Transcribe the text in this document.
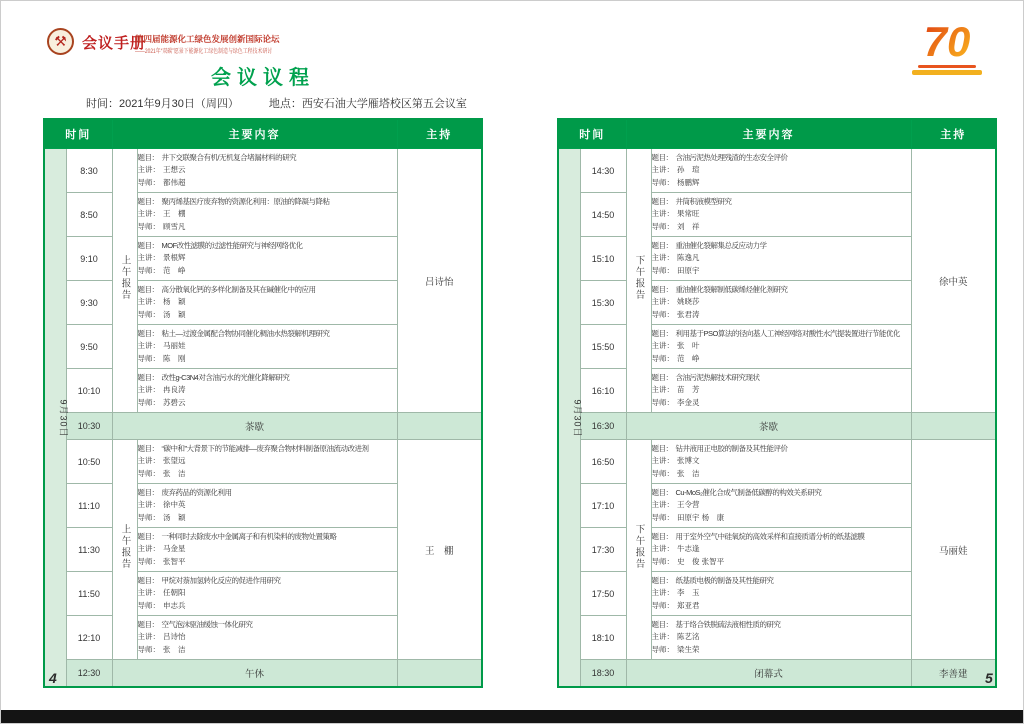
⚒	会议手册
第四届能源化工绿色发展创新国际论坛
——2021年“双碳”愿景下能源化工绿色制造与绿色工程技术研讨	70
会议议程
时间：2021年9月30日（周四）	地点：西安石油大学雁塔校区第五会议室
时间		主要内容		主持
9月30日	8:30	上午报告	题目： 井下交联聚合有机/无机复合堵漏材料的研究
主讲： 王想云
导师： 都伟超	吕诗怡
	8:50		题目： 聚丙烯基医疗废弃物的资源化利用：原油的降凝与降粘
主讲： 王　棚
导师： 顾雪凡	

	9:10		题目： MOF改性滤膜的过滤性能研究与神经网络优化
主讲： 景根辉
导师： 范　峥	

	9:30		题目： 高分散氧化钙的多样化制备及其在碱催化中的应用
主讲： 杨　颖
导师： 汤　颖	

	9:50		题目： 粘土—过渡金属配合物协同催化稠油水热裂解机理研究
主讲： 马丽娃
导师： 陈　刚	

	10:10		题目： 改性g-C3N4对含油污水的光催化降解研究
主讲： 冉良涛
导师： 苏碧云	

	10:30	茶歇		
	10:50	上午报告	题目： “碳中和”大背景下的节能减排—废弃聚合物材料制备原油流动改进剂
主讲： 张望远
导师： 张　洁	王　棚
	11:10		题目： 废弃药品的资源化利用
主讲： 徐中英
导师： 汤　颖	

	11:30		题目： 一种同时去除废水中金属离子和有机染料的废物处置策略
主讲： 马金星
导师： 张智平	

	11:50		题目： 甲烷对萘加氢转化反应的促进作用研究
主讲： 任朝阳
导师： 申志兵	

	12:10		题目： 空气泡沫驱油缓蚀一体化研究
主讲： 吕诗怡
导师： 张　洁	

	12:30	午休		
时间		主要内容		主持
9月30日	14:30	下午报告	题目： 含油污泥热处理残渣的生态安全评价
主讲： 孙　瑄
导师： 杨鹏辉	徐中英
	14:50		题目： 井筒积液模型研究
主讲： 果常旺
导师： 刘　祥	

	15:10		题目： 重油催化裂解集总反应动力学
主讲： 陈逸凡
导师： 田原宇	

	15:30		题目： 重油催化裂解制低碳烯烃催化剂研究
主讲： 姚晓莎
导师： 张君涛	

	15:50		题目： 利用基于PSO算法的径向基人工神经网络对酸性水汽提装置进行节能优化
主讲： 张　叶
导师： 范　峥	

	16:10		题目： 含油污泥热解技术研究现状
主讲： 苗　芳
导师： 李金灵	

	16:30	茶歇		
	16:50	下午报告	题目： 钻井液用正电胶的制备及其性能评价
主讲： 张博文
导师： 张　洁	马丽娃
	17:10		题目： Cu-MoS₂催化合成气制备低碳醇的构效关系研究
主讲： 王令营
导师： 田原宇 杨　康	

	17:30		题目： 用于室外空气中硅氧烷的高效采样和直接质谱分析的纸基滤膜
主讲： 牛志逢
导师： 史　俊 张智平	

	17:50		题目： 纸基质电极的制备及其性能研究
主讲： 李　玉
导师： 郑亚君	

	18:10		题目： 基于络合铁脱硫法液相性质的研究
主讲： 陈艺洺
导师： 梁生荣	

	18:30	闭幕式		李善建
4	5
